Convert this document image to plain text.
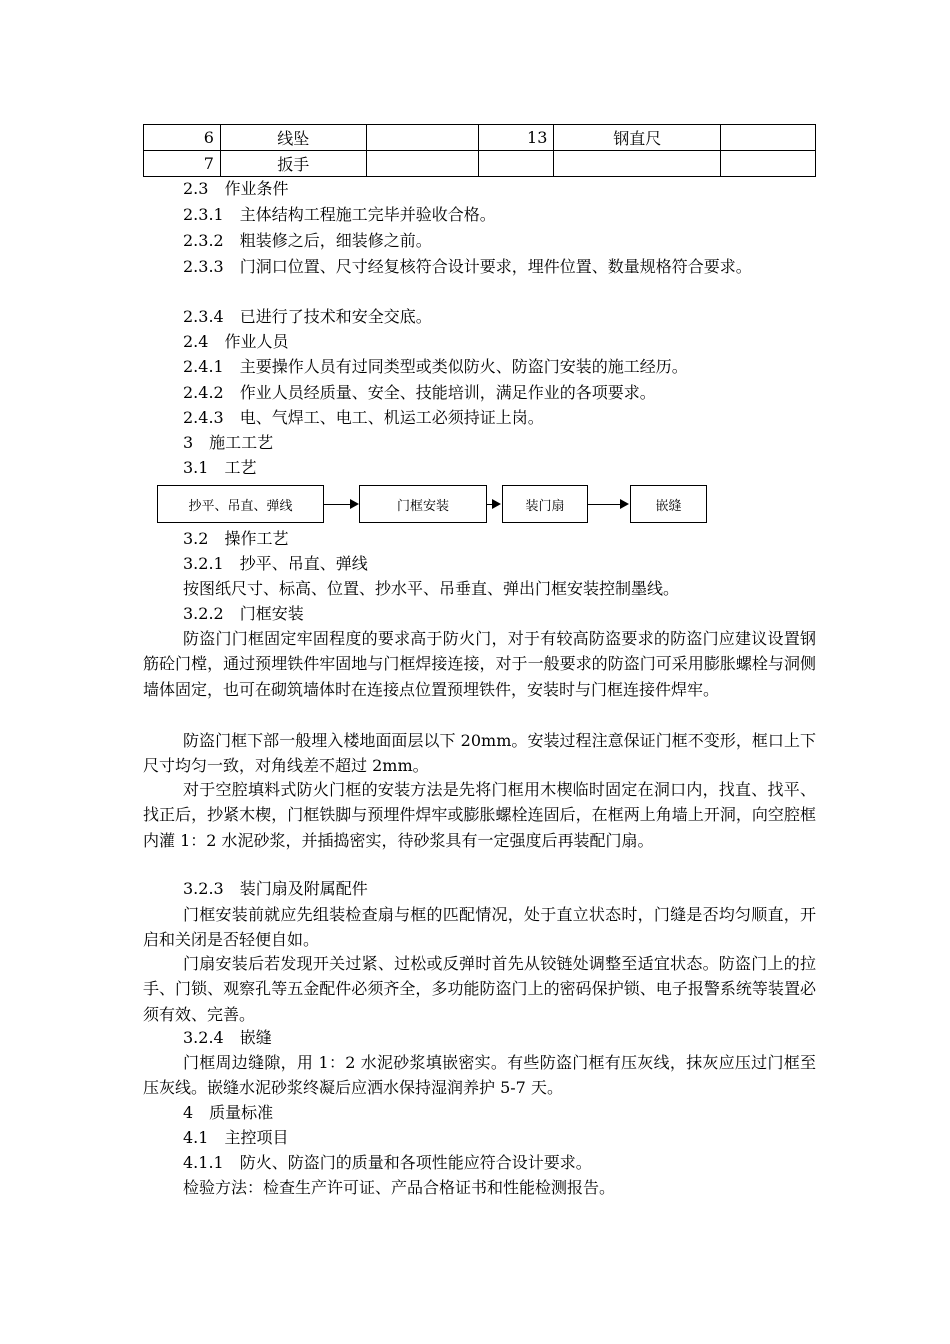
6	线坠		13	钢直尺	
7	扳手				
2.3　作业条件
2.3.1　主体结构工程施工完毕并验收合格。
2.3.2　粗装修之后，细装修之前。
2.3.3　门洞口位置、尺寸经复核符合设计要求，埋件位置、数量规格符合要求。
2.3.4　已进行了技术和安全交底。
2.4　作业人员
2.4.1　主要操作人员有过同类型或类似防火、防盗门安装的施工经历。
2.4.2　作业人员经质量、安全、技能培训，满足作业的各项要求。
2.4.3　电、气焊工、电工、机运工必须持证上岗。
3　施工工艺
3.1　工艺
抄平、吊直、弹线	门框安装	装门扇	嵌缝
3.2　操作工艺
3.2.1　抄平、吊直、弹线
按图纸尺寸、标高、位置、抄水平、吊垂直、弹出门框安装控制墨线。
3.2.2　门框安装
防盗门门框固定牢固程度的要求高于防火门，对于有较高防盗要求的防盗门应建议设置钢筋砼门樘，通过预埋铁件牢固地与门框焊接连接，对于一般要求的防盗门可采用膨胀螺栓与洞侧墙体固定，也可在砌筑墙体时在连接点位置预埋铁件，安装时与门框连接件焊牢。
防盗门框下部一般埋入楼地面面层以下 20mm。安装过程注意保证门框不变形，框口上下尺寸均匀一致，对角线差不超过 2mm。
对于空腔填料式防火门框的安装方法是先将门框用木楔临时固定在洞口内，找直、找平、找正后，抄紧木楔，门框铁脚与预埋件焊牢或膨胀螺栓连固后，在框两上角墙上开洞，向空腔框内灌 1：2 水泥砂浆，并插捣密实，待砂浆具有一定强度后再装配门扇。
3.2.3　装门扇及附属配件
门框安装前就应先组装检查扇与框的匹配情况，处于直立状态时，门缝是否均匀顺直，开启和关闭是否轻便自如。
门扇安装后若发现开关过紧、过松或反弹时首先从铰链处调整至适宜状态。防盗门上的拉手、门锁、观察孔等五金配件必须齐全，多功能防盗门上的密码保护锁、电子报警系统等装置必须有效、完善。
3.2.4　嵌缝
门框周边缝隙，用 1：2 水泥砂浆填嵌密实。有些防盗门框有压灰线，抹灰应压过门框至压灰线。嵌缝水泥砂浆终凝后应洒水保持湿润养护 5-7 天。
4　质量标准
4.1　主控项目
4.1.1　防火、防盗门的质量和各项性能应符合设计要求。
检验方法：检查生产许可证、产品合格证书和性能检测报告。
